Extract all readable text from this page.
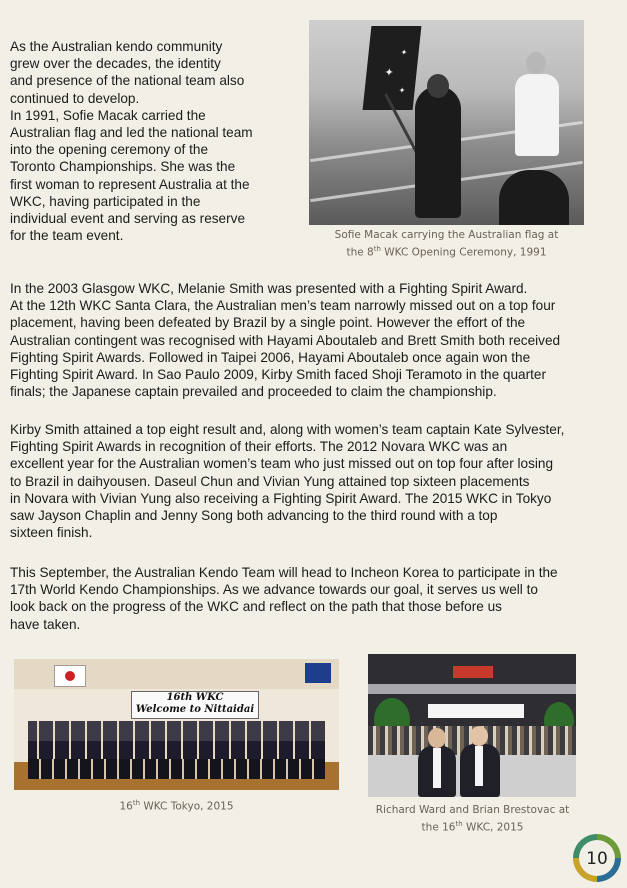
As the Australian kendo community
grew over the decades, the identity
and presence of the national team also
continued to develop.
In 1991, Sofie Macak carried the
Australian flag and led the national team
into the opening ceremony of the
Toronto Championships. She was the
first woman to represent Australia at the
WKC, having participated in the
individual event and serving as reserve
for the team event.
✦
✦
✦
Sofie Macak carrying the Australian flag at
the 8th WKC Opening Ceremony, 1991
In the 2003 Glasgow WKC, Melanie Smith was presented with a Fighting Spirit Award.
At the 12th WKC Santa Clara, the Australian men’s team narrowly missed out on a top four
placement, having been defeated by Brazil by a single point. However the effort of the
Australian contingent was recognised with Hayami Aboutaleb and Brett Smith both received
Fighting Spirit Awards. Followed in Taipei 2006, Hayami Aboutaleb once again won the
Fighting Spirit Award. In Sao Paulo 2009, Kirby Smith faced Shoji Teramoto in the quarter
finals; the Japanese captain prevailed and proceeded to claim the championship.
Kirby Smith attained a top eight result and, along with women’s team captain Kate Sylvester,
Fighting Spirit Awards in recognition of their efforts. The 2012 Novara WKC was an
excellent year for the Australian women’s team who just missed out on top four after losing
to Brazil in daihyousen. Daseul Chun and Vivian Yung attained top sixteen placements
in Novara with Vivian Yung also receiving a Fighting Spirit Award. The 2015 WKC in Tokyo
saw Jayson Chaplin and Jenny Song both advancing to the third round with a top
sixteen finish.
This September, the Australian Kendo Team will head to Incheon Korea to participate in the
17th World Kendo Championships. As we advance towards our goal, it serves us well to
look back on the progress of the WKC and reflect on the path that those before us
have taken.
16th WKC
Welcome to Nittaidai
16th WKC Tokyo, 2015	Richard Ward and Brian Brestovac at
the 16th WKC, 2015
10
